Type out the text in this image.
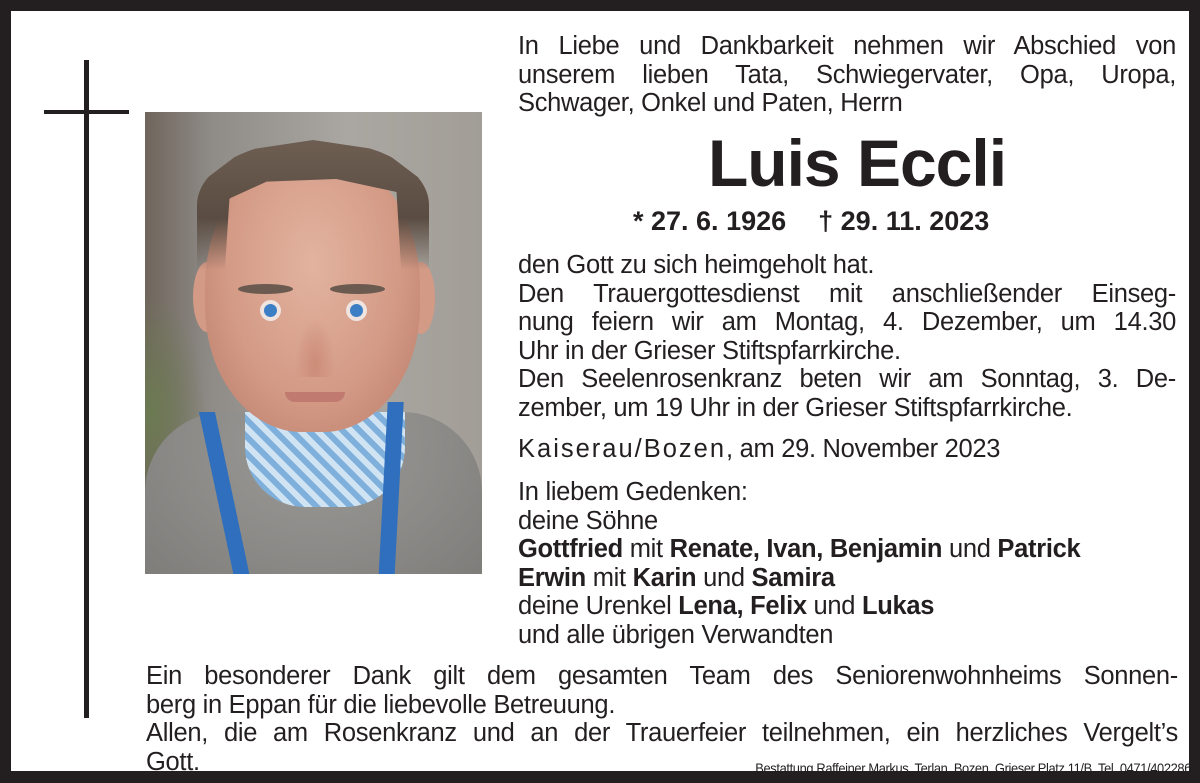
In Liebe und Dankbarkeit nehmen wir Abschied von
unserem lieben Tata, Schwiegervater, Opa, Uropa,
Schwager, Onkel und Paten, Herrn
Luis Eccli
* 27. 6. 1926 † 29. 11. 2023
den Gott zu sich heimgeholt hat.
Den Trauergottesdienst mit anschließender Einseg-
nung feiern wir am Montag, 4. Dezember, um 14.30
Uhr in der Grieser Stiftspfarrkirche.
Den Seelenrosenkranz beten wir am Sonntag, 3. De-
zember, um 19 Uhr in der Grieser Stiftspfarrkirche.
Kaiserau/Bozen, am 29. November 2023
In liebem Gedenken:
deine Söhne
Gottfried mit Renate, Ivan, Benjamin und Patrick
Erwin mit Karin und Samira
deine Urenkel Lena, Felix und Lukas
und alle übrigen Verwandten
Ein besonderer Dank gilt dem gesamten Team des Seniorenwohnheims Sonnen-
berg in Eppan für die liebevolle Betreuung.
Allen, die am Rosenkranz und an der Trauerfeier teilnehmen, ein herzliches Vergelt’s
Gott.	Bestattung Raffeiner Markus, Terlan, Bozen, Grieser Platz 11/B, Tel. 0471/402286
